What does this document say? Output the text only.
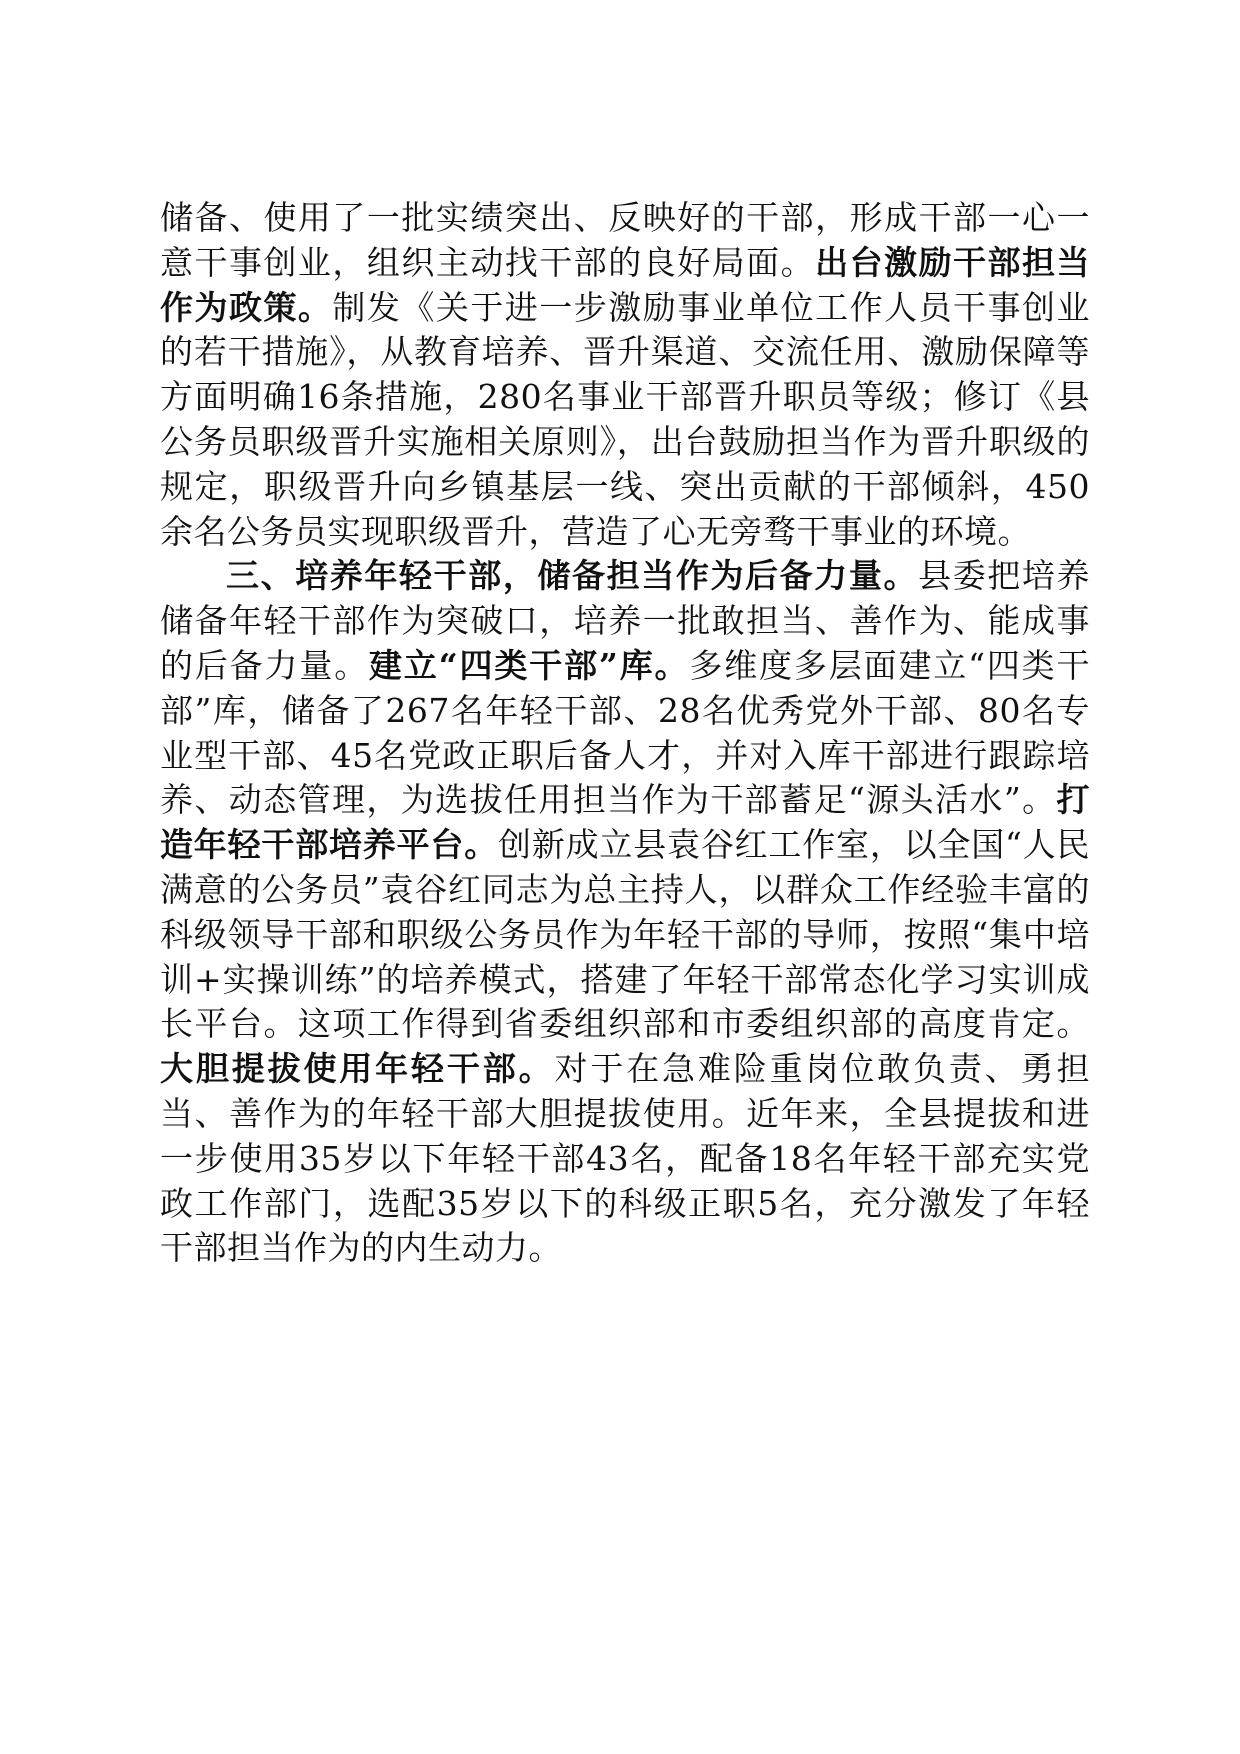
储备、使用了一批实绩突出、反映好的干部，形成干部一心一意干事创业，组织主动找干部的良好局面。出台激励干部担当作为政策。制发《关于进一步激励事业单位工作人员干事创业的若干措施》，从教育培养、晋升渠道、交流任用、激励保障等方面明确16条措施，280名事业干部晋升职员等级；修订《县公务员职级晋升实施相关原则》，出台鼓励担当作为晋升职级的规定，职级晋升向乡镇基层一线、突出贡献的干部倾斜，450余名公务员实现职级晋升，营造了心无旁骛干事业的环境。

三、培养年轻干部，储备担当作为后备力量。县委把培养储备年轻干部作为突破口，培养一批敢担当、善作为、能成事的后备力量。建立“四类干部”库。多维度多层面建立“四类干部”库，储备了267名年轻干部、28名优秀党外干部、80名专业型干部、45名党政正职后备人才，并对入库干部进行跟踪培养、动态管理，为选拔任用担当作为干部蓄足“源头活水”。打造年轻干部培养平台。创新成立县袁谷红工作室，以全国“人民满意的公务员”袁谷红同志为总主持人，以群众工作经验丰富的科级领导干部和职级公务员作为年轻干部的导师，按照“集中培训+实操训练”的培养模式，搭建了年轻干部常态化学习实训成长平台。这项工作得到省委组织部和市委组织部的高度肯定。大胆提拔使用年轻干部。对于在急难险重岗位敢负责、勇担当、善作为的年轻干部大胆提拔使用。近年来，全县提拔和进一步使用35岁以下年轻干部43名，配备18名年轻干部充实党政工作部门，选配35岁以下的科级正职5名，充分激发了年轻干部担当作为的内生动力。
